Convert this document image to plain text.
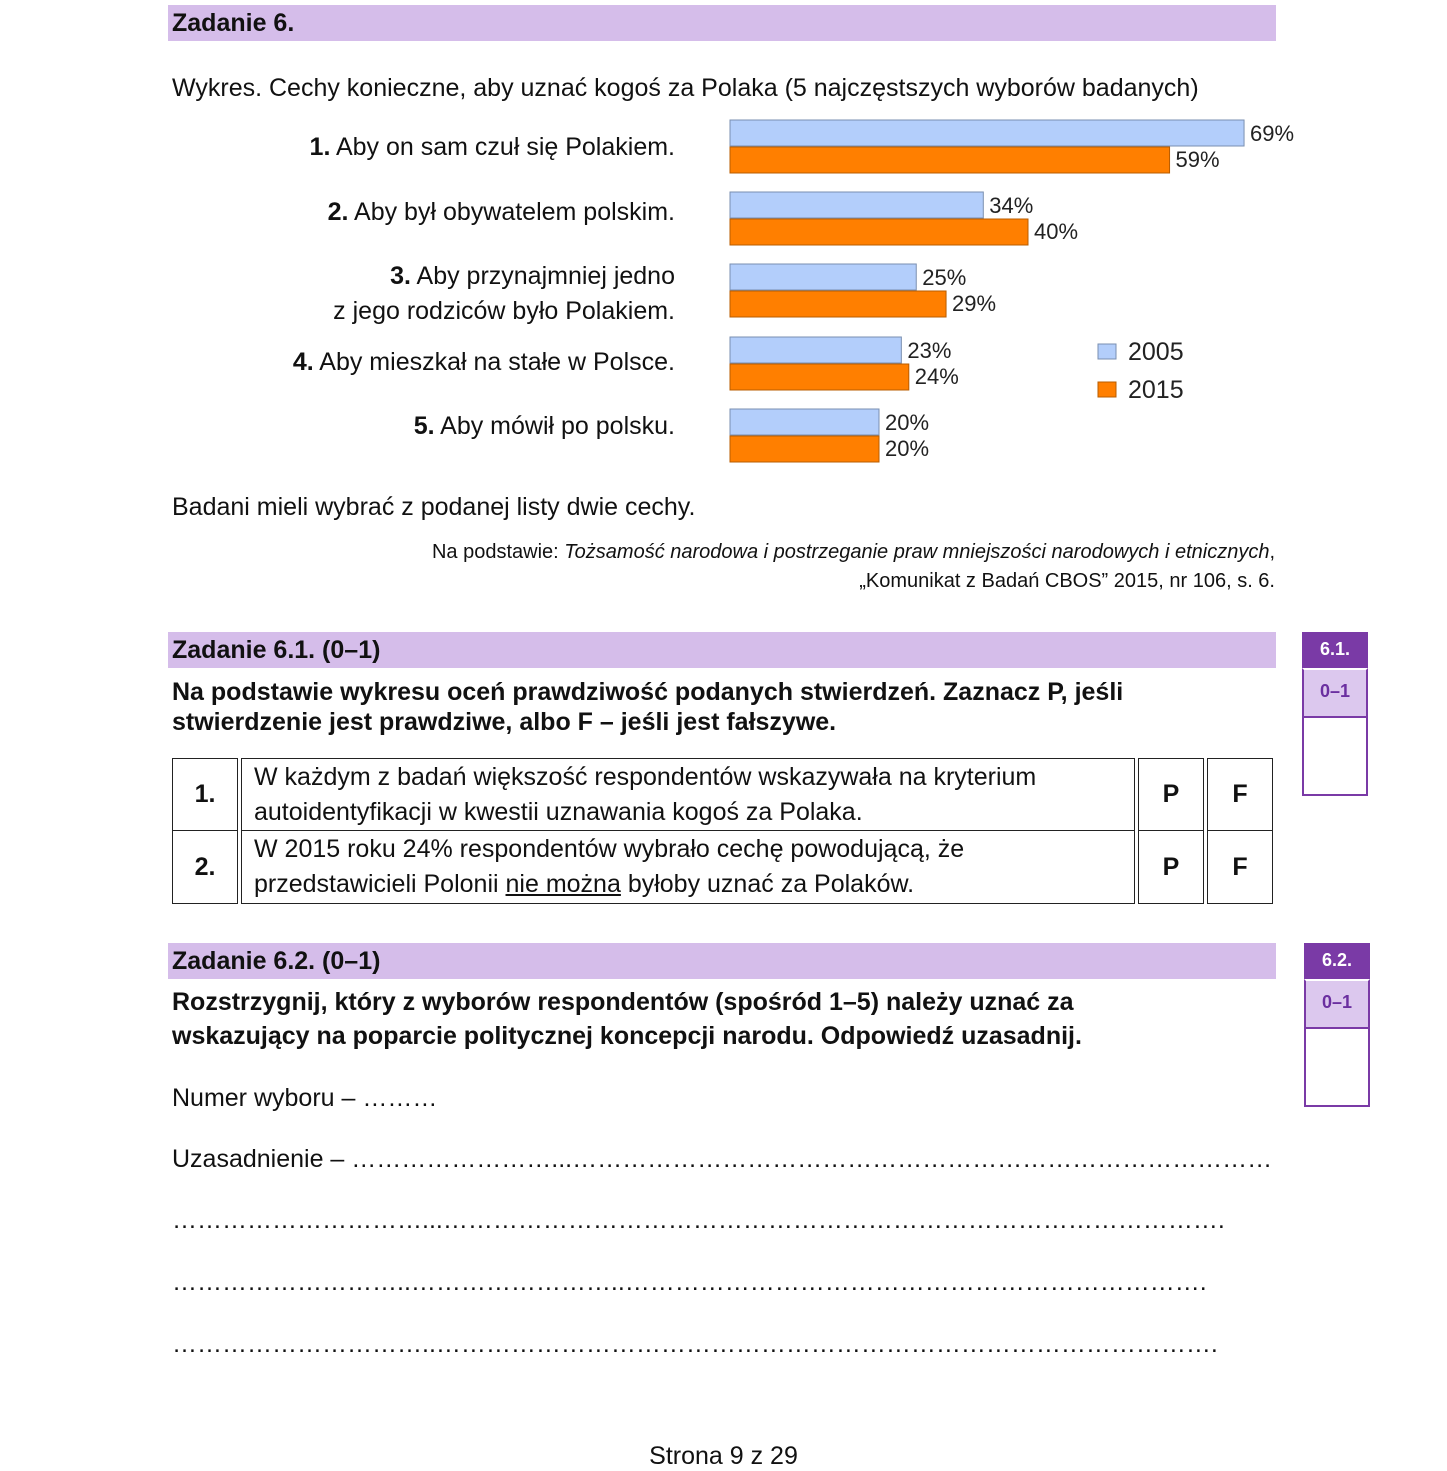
Zadanie 6.
Wykres. Cechy konieczne, aby uznać kogoś za Polaka (5 najczęstszych wyborów badanych)
1. Aby on sam czuł się Polakiem.
2. Aby był obywatelem polskim.
3. Aby przynajmniej jedno
z jego rodziców było Polakiem.
4. Aby mieszkał na stałe w Polsce.
5. Aby mówił po polsku.
69%
59%
34%
40%
25%
29%
23%
24%
20%
20%
2005
2015
Badani mieli wybrać z podanej listy dwie cechy.
Na podstawie: Tożsamość narodowa i postrzeganie praw mniejszości narodowych i etnicznych,
„Komunikat z Badań CBOS” 2015, nr 106, s. 6.
Zadanie 6.1. (0–1)
Na podstawie wykresu oceń prawdziwość podanych stwierdzeń. Zaznacz P, jeśli
stwierdzenie jest prawdziwe, albo F – jeśli jest fałszywe.
1.	W każdym z badań większość respondentów wskazywała na kryterium
autoidentyfikacji w kwestii uznawania kogoś za Polaka.	P	F
2.	W 2015 roku 24% respondentów wybrało cechę powodującą, że
przedstawicieli Polonii nie można byłoby uznać za Polaków.	P	F
6.1.
0–1
Zadanie 6.2. (0–1)
Rozstrzygnij, który z wyborów respondentów (spośród 1–5) należy uznać za
wskazujący na poparcie politycznej koncepcji narodu. Odpowiedź uzasadnij.
6.2.
0–1
Numer wyboru – ………
Uzasadnienie – ……………………...…………………………………………………………………………
…………………………...………………………………………………………………………………….
………………………..……………………..…………………………………………………………….
…………………………..………………………………………………………………………………….
Strona 9 z 29
